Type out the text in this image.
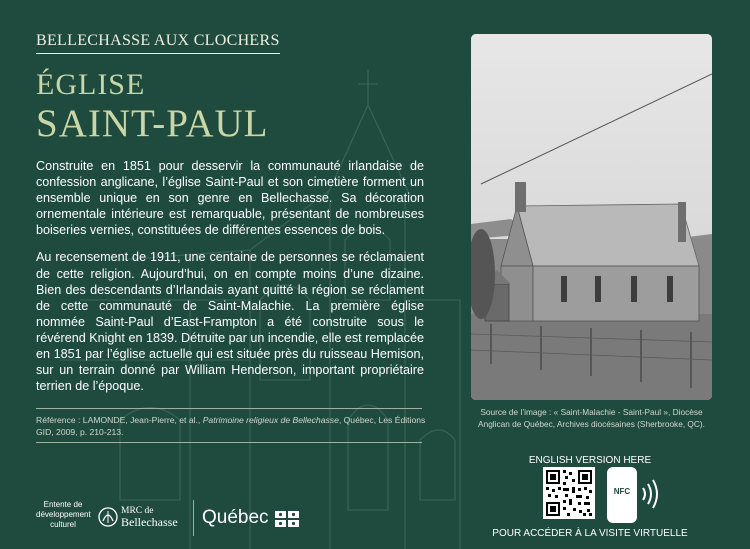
BELLECHASSE AUX CLOCHERS
ÉGLISE
SAINT-PAUL

Construite en 1851 pour desservir la communauté irlandaise de confession anglicane, l’église Saint-Paul et son cimetière forment un ensemble unique en son genre en Bellechasse. Sa décoration ornementale intérieure est remarquable, présentant de nombreuses boiseries vernies, constituées de différentes essences de bois.

Au recensement de 1911, une centaine de personnes se réclamaient de cette religion. Aujourd’hui, on en compte moins d’une dizaine. Bien des descendants d’Irlandais ayant quitté la région se réclament de cette communauté de Saint-Malachie. La première église nommée Saint-Paul d’East-Frampton a été construite sous le révérend Knight en 1839. Détruite par un incendie, elle est remplacée en 1851 par l’église actuelle qui est située près du ruisseau Hemison, sur un terrain donné par William Henderson, important propriétaire terrien de l’époque.

Référence : LAMONDE, Jean-Pierre, et al., Patrimoine religieux de Bellechasse, Québec, Les Éditions GID, 2009, p. 210-213.
Source de l’image : « Saint-Malachie - Saint-Paul », Diocèse Anglican de Québec, Archives diocésaines (Sherbrooke, QC).
ENGLISH VERSION HERE
NFC
POUR ACCÉDER À LA VISITE VIRTUELLE
Entente de développement culturel
MRC de
Bellechasse Québec
